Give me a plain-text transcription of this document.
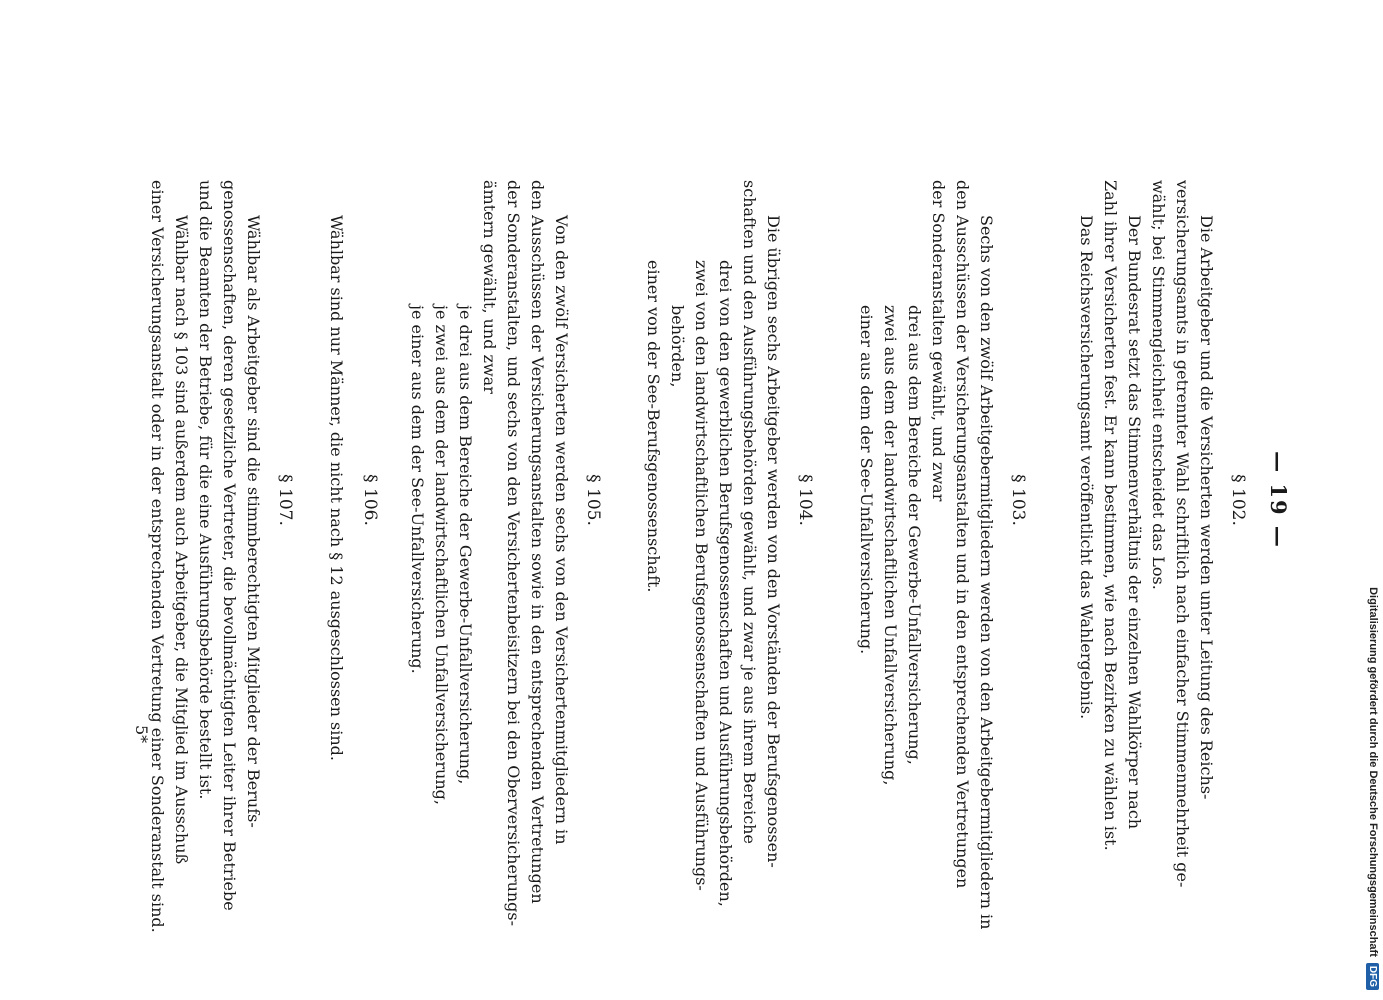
— 19 —
§ 102.
Die Arbeitgeber und die Versicherten werden unter Leitung des Reichs-
versicherungsamts in getrennter Wahl schriftlich nach einfacher Stimmenmehrheit ge-
wählt; bei Stimmengleichheit entscheidet das Los.
Der Bundesrat setzt das Stimmenverhältnis der einzelnen Wahlkörper nach
Zahl ihrer Versicherten fest. Er kann bestimmen, wie nach Bezirken zu wählen ist.
Das Reichsversicherungsamt veröffentlicht das Wahlergebnis.
§ 103.
Sechs von den zwölf Arbeitgebermitgliedern werden von den Arbeitgebermitgliedern in
den Ausschüssen der Versicherungsanstalten und in den entsprechenden Vertretungen
der Sonderanstalten gewählt, und zwar
drei aus dem Bereiche der Gewerbe-Unfallversicherung,
zwei aus dem der landwirtschaftlichen Unfallversicherung,
einer aus dem der See-Unfallversicherung.
§ 104.
Die übrigen sechs Arbeitgeber werden von den Vorständen der Berufsgenossen-
schaften und den Ausführungsbehörden gewählt, und zwar je aus ihrem Bereiche
drei von den gewerblichen Berufsgenossenschaften und Ausführungsbehörden,
zwei von den landwirtschaftlichen Berufsgenossenschaften und Ausführungs-
behörden,
einer von der See-Berufsgenossenschaft.
§ 105.
Von den zwölf Versicherten werden sechs von den Versichertenmitgliedern in
den Ausschüssen der Versicherungsanstalten sowie in den entsprechenden Vertretungen
der Sonderanstalten, und sechs von den Versichertenbeisitzern bei den Oberversicherungs-
ämtern gewählt, und zwar
je drei aus dem Bereiche der Gewerbe-Unfallversicherung,
je zwei aus dem der landwirtschaftlichen Unfallversicherung,
je einer aus dem der See-Unfallversicherung.
§ 106.
Wählbar sind nur Männer, die nicht nach § 12 ausgeschlossen sind.
§ 107.
Wählbar als Arbeitgeber sind die stimmberechtigten Mitglieder der Berufs-
genossenschaften, deren gesetzliche Vertreter, die bevollmächtigten Leiter ihrer Betriebe
und die Beamten der Betriebe, für die eine Ausführungsbehörde bestellt ist.
Wählbar nach § 103 sind außerdem auch Arbeitgeber, die Mitglied im Ausschuß
einer Versicherungsanstalt oder in der entsprechenden Vertretung einer Sonderanstalt sind.
5*	Digitalisierung gefördert durch die Deutsche Forschungsgemeinschaft
DFG
